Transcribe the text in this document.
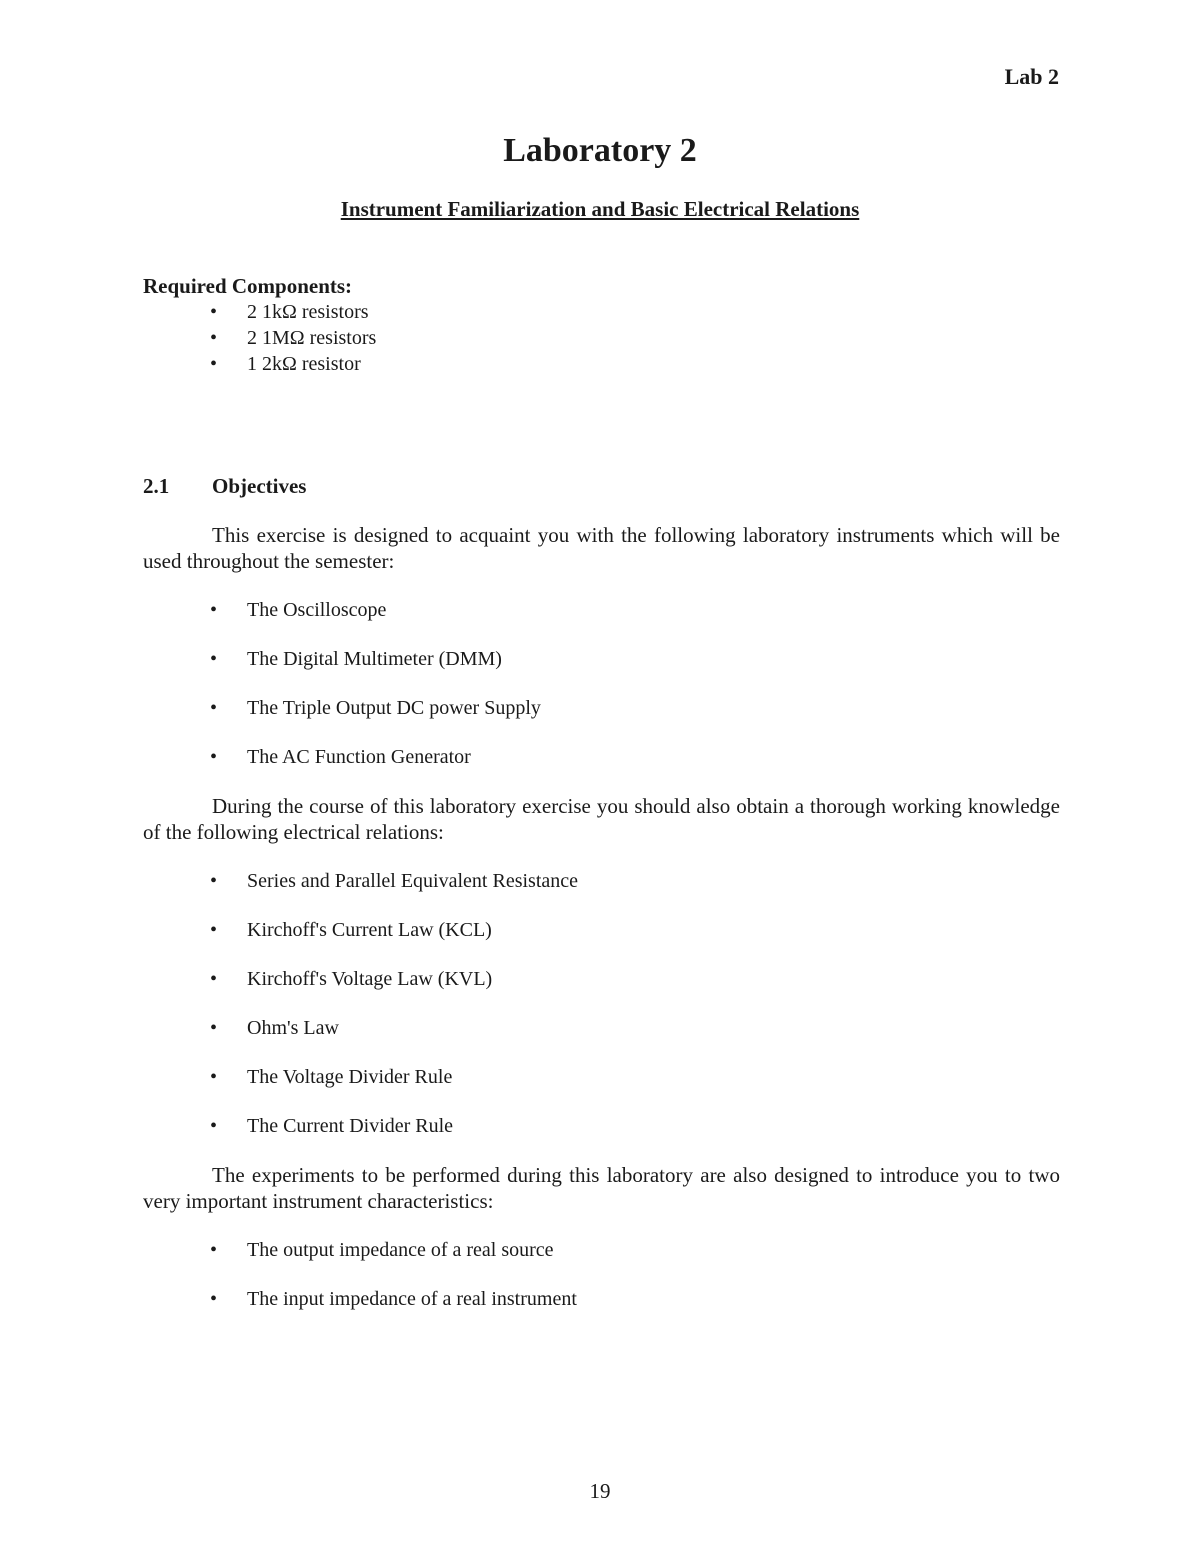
Lab 2
Laboratory 2
Instrument Familiarization and Basic Electrical Relations
Required Components:
• 2 1kΩ resistors
• 2 1MΩ resistors
• 1 2kΩ resistor
2.1 Objectives
This exercise is designed to acquaint you with the following laboratory instruments which will be used throughout the semester:
• The Oscilloscope
• The Digital Multimeter (DMM)
• The Triple Output DC power Supply
• The AC Function Generator
During the course of this laboratory exercise you should also obtain a thorough working knowledge of the following electrical relations:
• Series and Parallel Equivalent Resistance
• Kirchoff's Current Law (KCL)
• Kirchoff's Voltage Law (KVL)
• Ohm's Law
• The Voltage Divider Rule
• The Current Divider Rule
The experiments to be performed during this laboratory are also designed to introduce you to two very important instrument characteristics:
• The output impedance of a real source
• The input impedance of a real instrument
19
